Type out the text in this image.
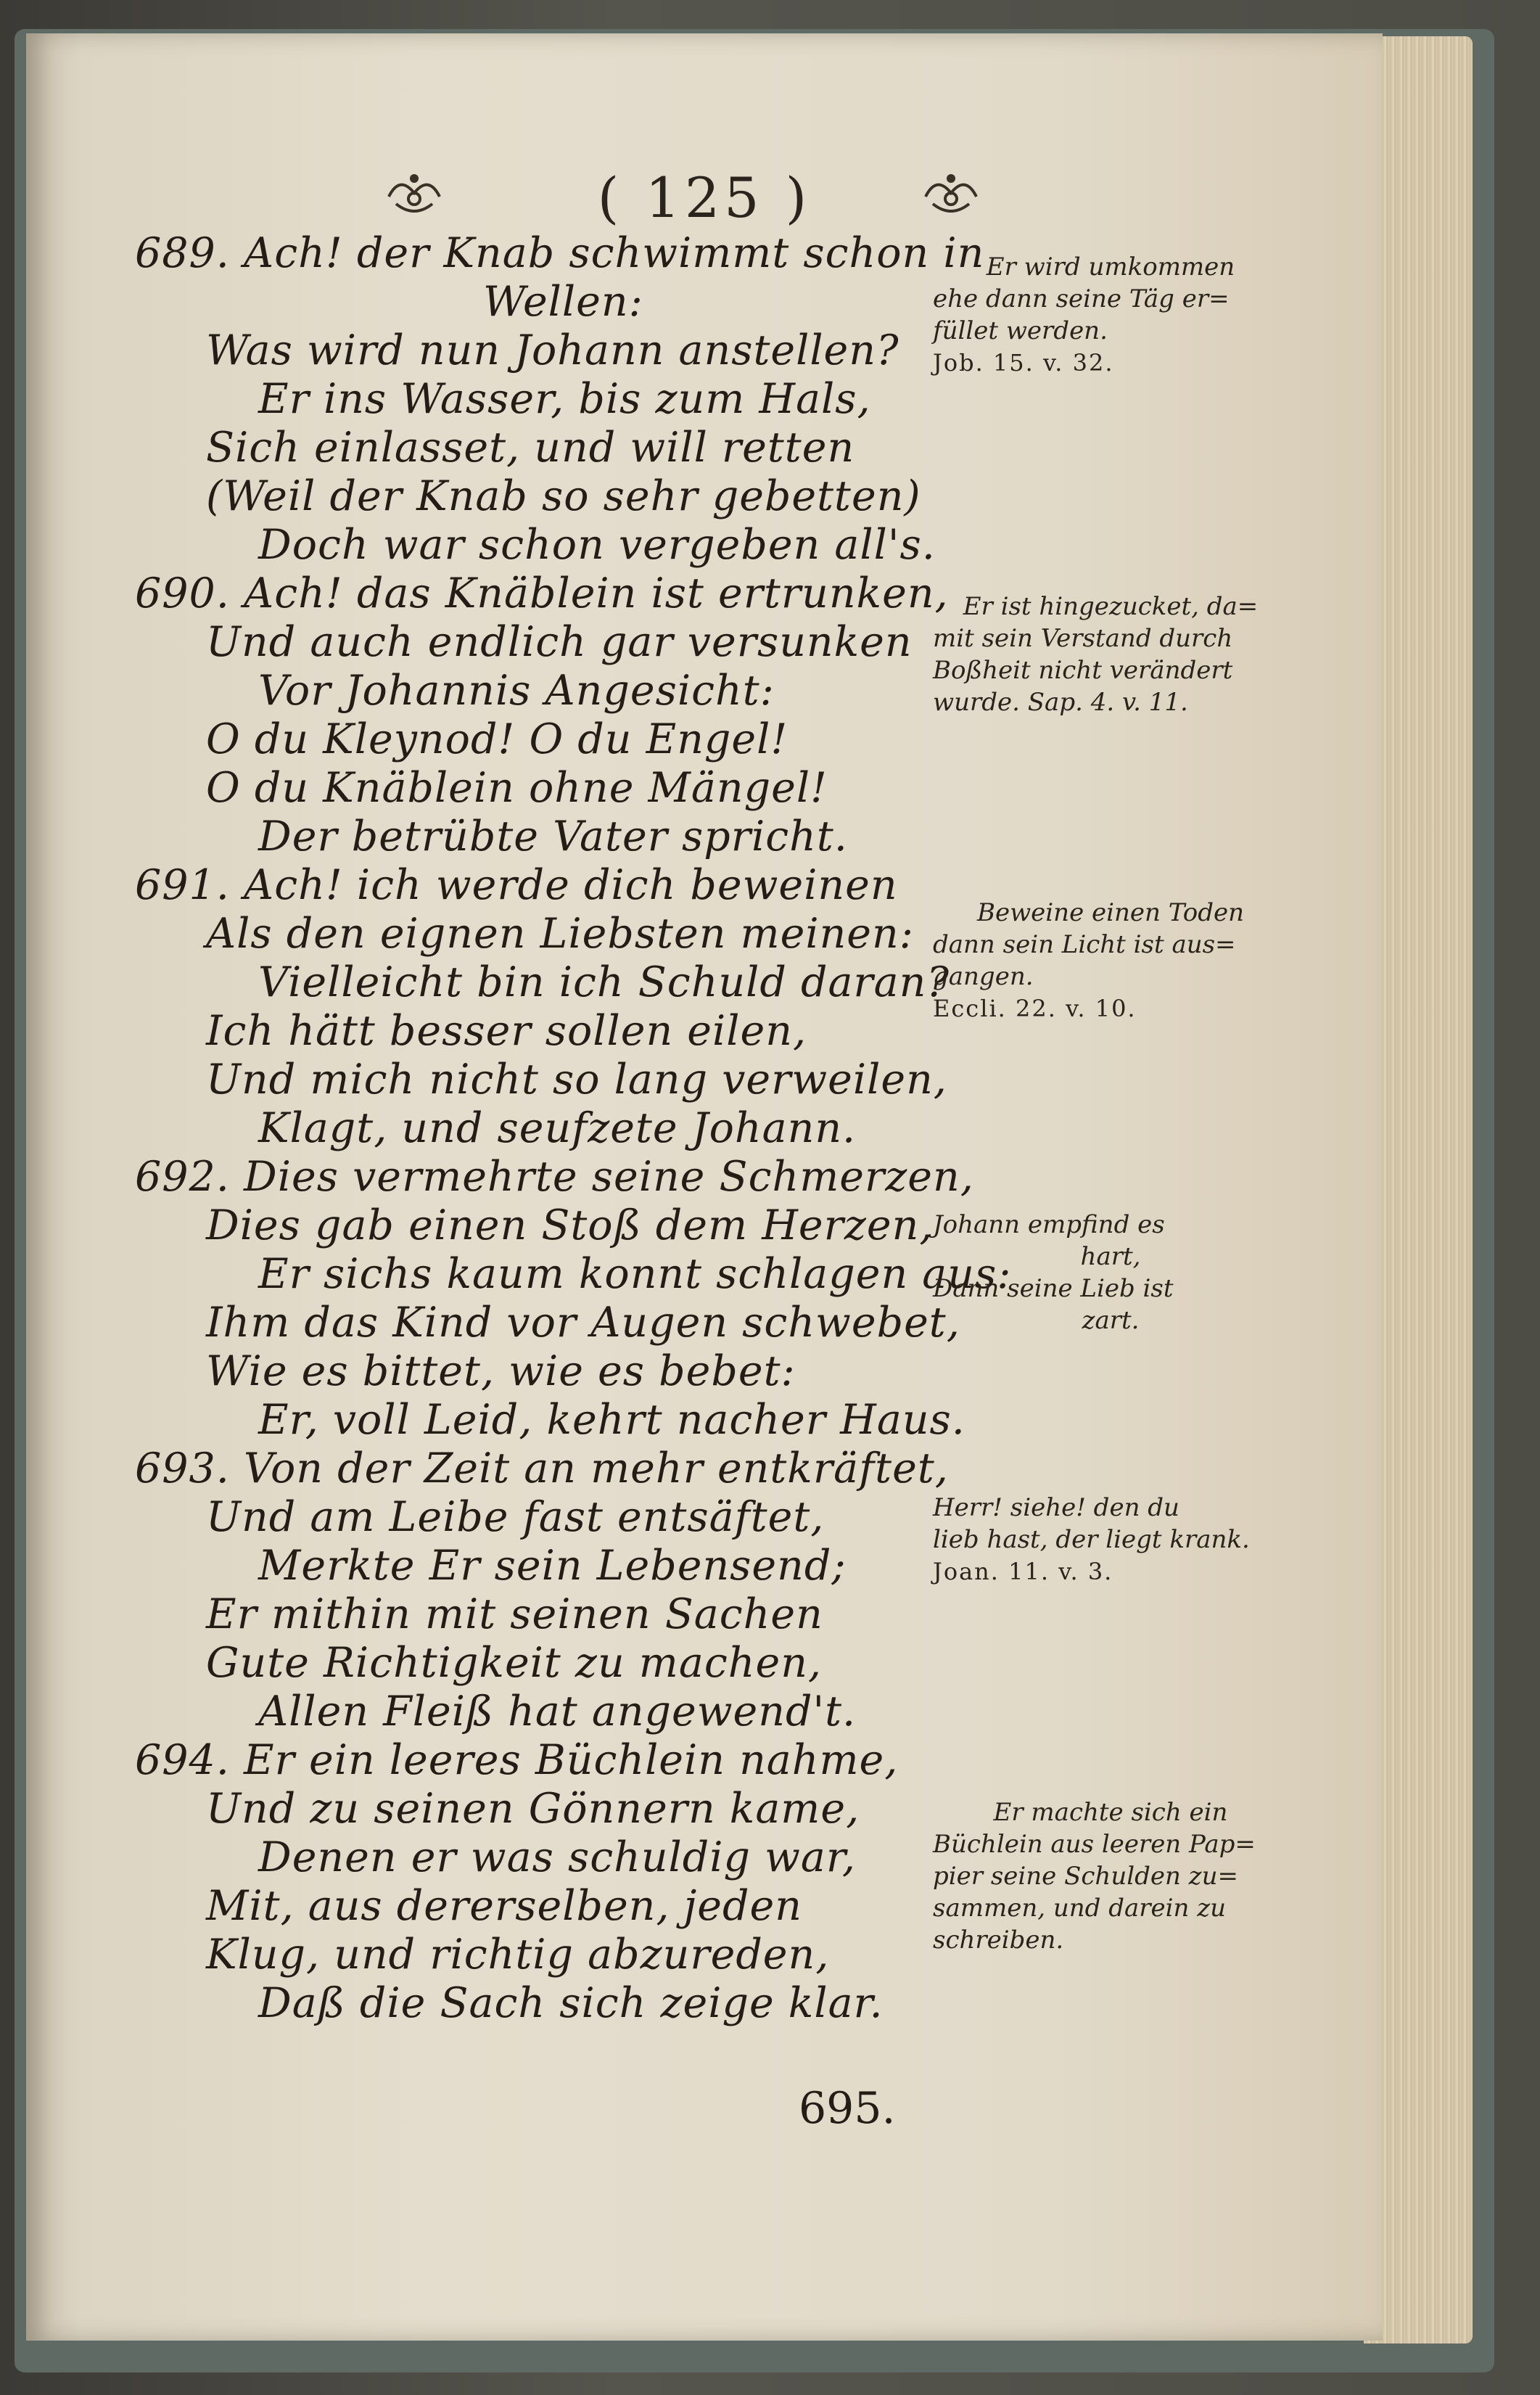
( 125 )
689. Ach! der Knab schwimmt schon in
Wellen:
Was wird nun Johann anstellen?
Er ins Wasser, bis zum Hals,
Sich einlasset, und will retten
(Weil der Knab so sehr gebetten)
Doch war schon vergeben all's.
690. Ach! das Knäblein ist ertrunken,
Und auch endlich gar versunken
Vor Johannis Angesicht:
O du Kleynod! O du Engel!
O du Knäblein ohne Mängel!
Der betrübte Vater spricht.
691. Ach! ich werde dich beweinen
Als den eignen Liebsten meinen:
Vielleicht bin ich Schuld daran?
Ich hätt besser sollen eilen,
Und mich nicht so lang verweilen,
Klagt, und seufzete Johann.
692. Dies vermehrte seine Schmerzen,
Dies gab einen Stoß dem Herzen,
Er sichs kaum konnt schlagen aus:
Ihm das Kind vor Augen schwebet,
Wie es bittet, wie es bebet:
Er, voll Leid, kehrt nacher Haus.
693. Von der Zeit an mehr entkräftet,
Und am Leibe fast entsäftet,
Merkte Er sein Lebensend;
Er mithin mit seinen Sachen
Gute Richtigkeit zu machen,
Allen Fleiß hat angewend't.
694. Er ein leeres Büchlein nahme,
Und zu seinen Gönnern kame,
Denen er was schuldig war,
Mit, aus dererselben, jeden
Klug, und richtig abzureden,
Daß die Sach sich zeige klar.
695.
Er wird umkommen
ehe dann seine Täg er=
füllet werden.
Job. 15. v. 32.
Er ist hingezucket, da=
mit sein Verstand durch
Boßheit nicht verändert
wurde. Sap. 4. v. 11.
Beweine einen Toden
dann sein Licht ist aus=
gangen.
Eccli. 22. v. 10.
Johann empfind es
hart,
Dann seine Lieb ist
zart.
Herr! siehe! den du
lieb hast, der liegt krank.
Joan. 11. v. 3.
Er machte sich ein
Büchlein aus leeren Pap=
pier seine Schulden zu=
sammen, und darein zu
schreiben.
